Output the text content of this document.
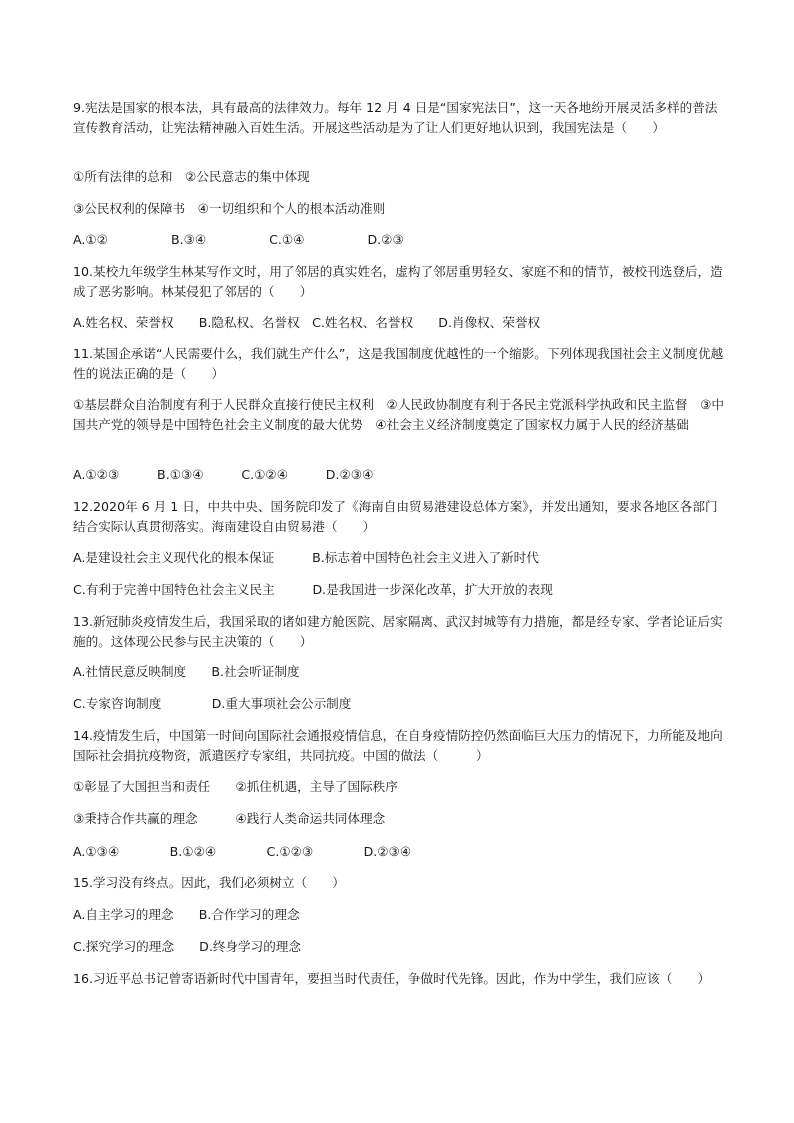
9.宪法是国家的根本法，具有最高的法律效力。每年 12 月 4 日是“国家宪法日”，这一天各地纷开展灵活多样的普法宣传教育活动，让宪法精神融入百姓生活。开展这些活动是为了让人们更好地认识到，我国宪法是（　　）

①所有法律的总和　②公民意志的集中体现

③公民权利的保障书　④一切组织和个人的根本活动准则

A.①②　　　　　B.③④　　　　　C.①④　　　　　D.②③

10.某校九年级学生林某写作文时，用了邻居的真实姓名，虚构了邻居重男轻女、家庭不和的情节，被校刊选登后，造成了恶劣影响。林某侵犯了邻居的（　　）

A.姓名权、荣誉权　　B.隐私权、名誉权　C.姓名权、名誉权　　D.肖像权、荣誉权

11.某国企承诺“人民需要什么，我们就生产什么”，这是我国制度优越性的一个缩影。下列体现我国社会主义制度优越性的说法正确的是（　　）

①基层群众自治制度有利于人民群众直接行使民主权利　②人民政协制度有利于各民主党派科学执政和民主监督　③中国共产党的领导是中国特色社会主义制度的最大优势　④社会主义经济制度奠定了国家权力属于人民的经济基础

A.①②③　　　B.①③④　　　C.①②④　　　D.②③④

12.2020年 6 月 1 日，中共中央、国务院印发了《海南自由贸易港建设总体方案》，并发出通知，要求各地区各部门结合实际认真贯彻落实。海南建设自由贸易港（　　）

A.是建设社会主义现代化的根本保证　　　B.标志着中国特色社会主义进入了新时代

C.有利于完善中国特色社会主义民主　　　D.是我国进一步深化改革，扩大开放的表现

13.新冠肺炎疫情发生后，我国采取的诸如建方舱医院、居家隔离、武汉封城等有力措施，都是经专家、学者论证后实施的。这体现公民参与民主决策的（　　）

A.社情民意反映制度　　B.社会听证制度

C.专家咨询制度　　　　D.重大事项社会公示制度

14.疫情发生后，中国第一时间向国际社会通报疫情信息，在自身疫情防控仍然面临巨大压力的情况下，力所能及地向国际社会捐抗疫物资，派遣医疗专家组，共同抗疫。中国的做法（　　　）

①彰显了大国担当和责任　　②抓住机遇，主导了国际秩序

③秉持合作共赢的理念　　　④践行人类命运共同体理念

A.①③④　　　　B.①②④　　　　C.①②③　　　　D.②③④

15.学习没有终点。因此，我们必须树立（　　）

A.自主学习的理念　　B.合作学习的理念

C.探究学习的理念　　D.终身学习的理念

16.习近平总书记曾寄语新时代中国青年，要担当时代责任，争做时代先锋。因此，作为中学生，我们应该（　　）
